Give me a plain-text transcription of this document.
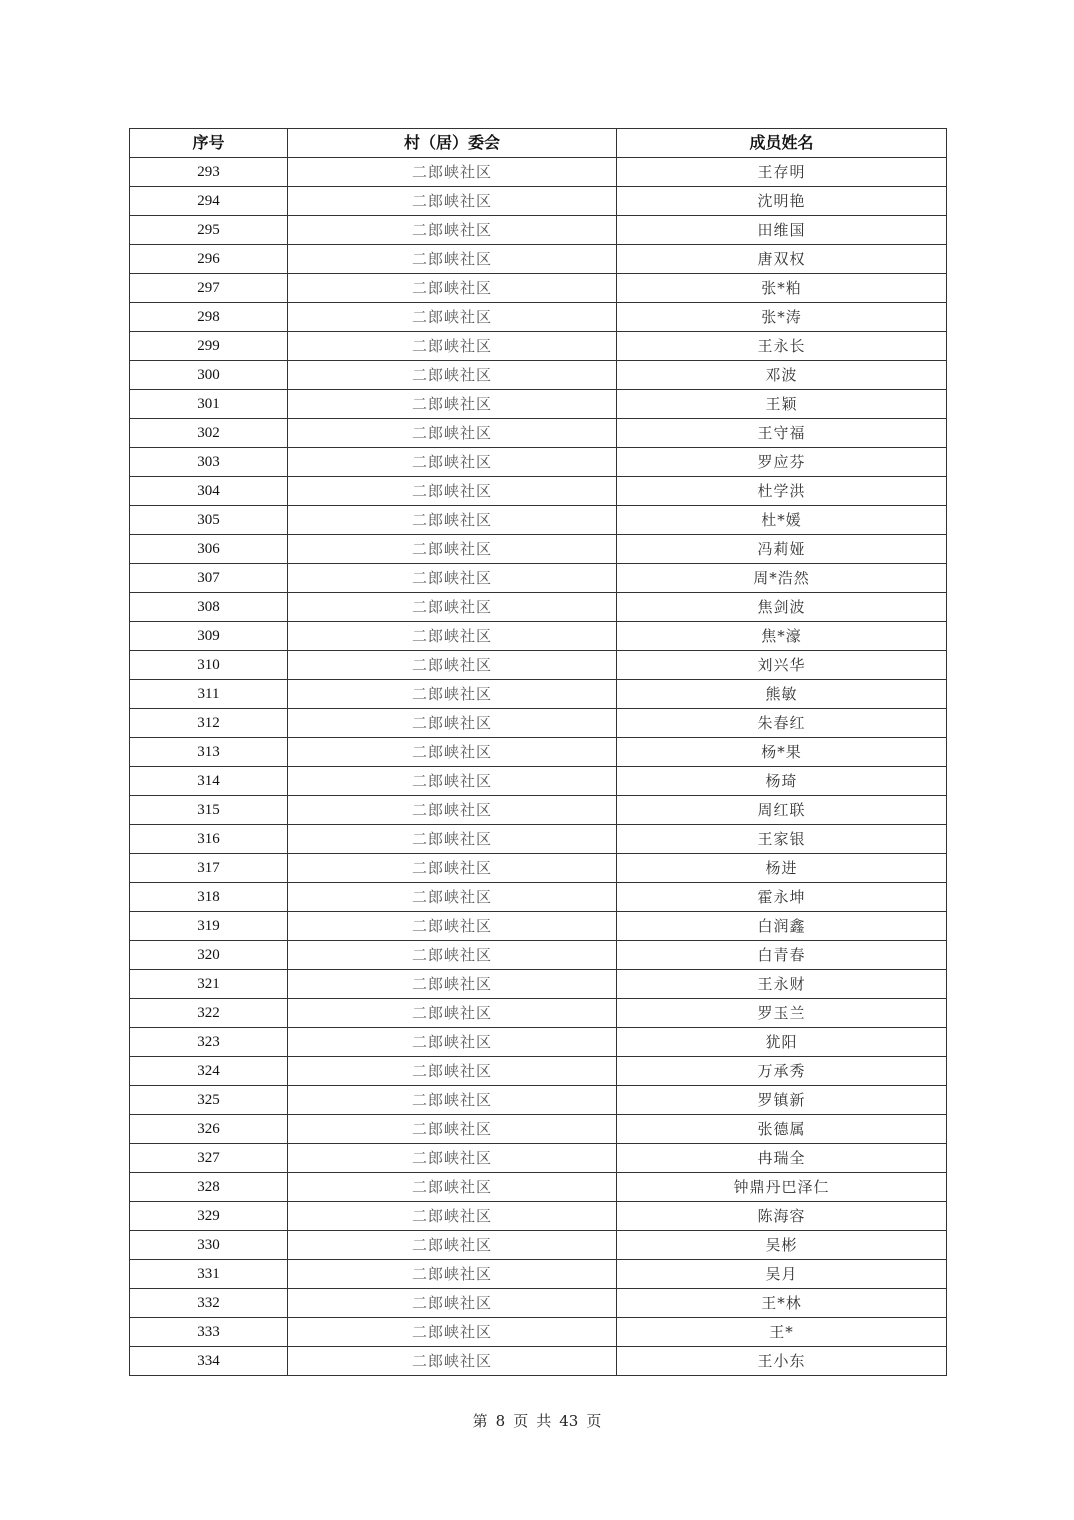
序号	村（居）委会	成员姓名
293	二郎峡社区	王存明
294	二郎峡社区	沈明艳
295	二郎峡社区	田维国
296	二郎峡社区	唐双权
297	二郎峡社区	张*粕
298	二郎峡社区	张*涛
299	二郎峡社区	王永长
300	二郎峡社区	邓波
301	二郎峡社区	王颖
302	二郎峡社区	王守福
303	二郎峡社区	罗应芬
304	二郎峡社区	杜学洪
305	二郎峡社区	杜*媛
306	二郎峡社区	冯莉娅
307	二郎峡社区	周*浩然
308	二郎峡社区	焦剑波
309	二郎峡社区	焦*濠
310	二郎峡社区	刘兴华
311	二郎峡社区	熊敏
312	二郎峡社区	朱春红
313	二郎峡社区	杨*果
314	二郎峡社区	杨琦
315	二郎峡社区	周红联
316	二郎峡社区	王家银
317	二郎峡社区	杨进
318	二郎峡社区	霍永坤
319	二郎峡社区	白润鑫
320	二郎峡社区	白青春
321	二郎峡社区	王永财
322	二郎峡社区	罗玉兰
323	二郎峡社区	犹阳
324	二郎峡社区	万承秀
325	二郎峡社区	罗镇新
326	二郎峡社区	张德属
327	二郎峡社区	冉瑞全
328	二郎峡社区	钟鼎丹巴泽仁
329	二郎峡社区	陈海容
330	二郎峡社区	吴彬
331	二郎峡社区	吴月
332	二郎峡社区	王*林
333	二郎峡社区	王*
334	二郎峡社区	王小东
第 8 页 共 43 页
